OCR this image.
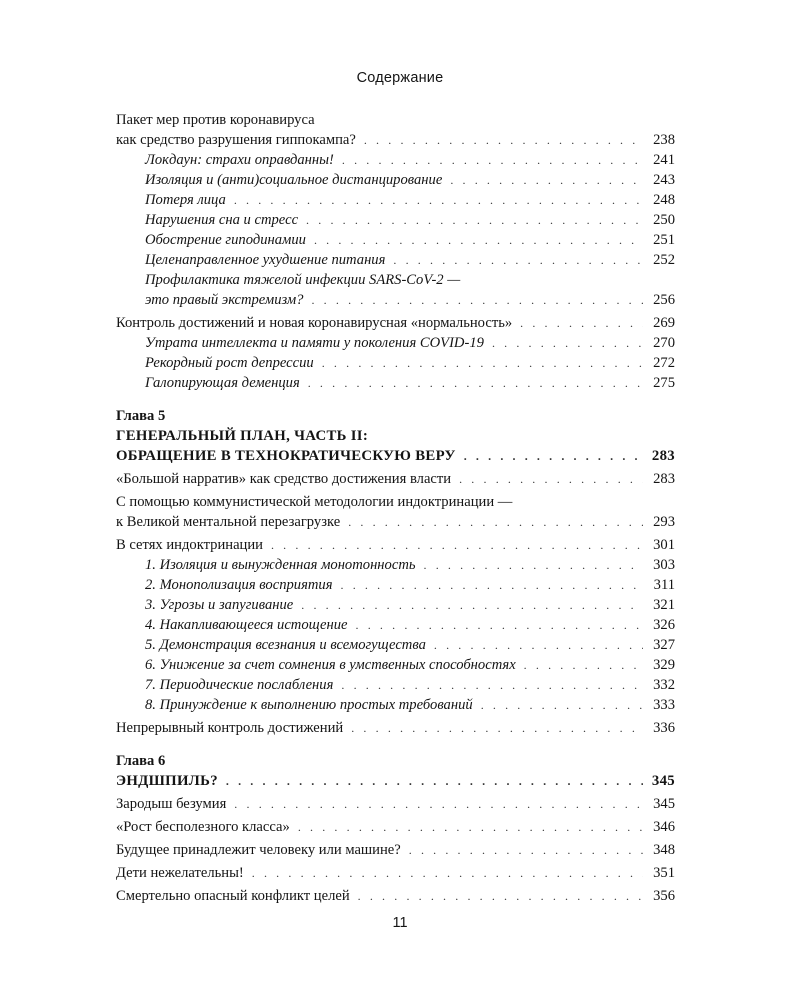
Содержание
Пакет мер против коронавируса
как средство разрушения гиппокампа? . . .	238
Локдаун: страхи оправданны! . . .	241
Изоляция и (анти)социальное дистанцирование . . .	243
Потеря лица . . .	248
Нарушения сна и стресс . . .	250
Обострение гиподинамии . . .	251
Целенаправленное ухудшение питания . . .	252
Профилактика тяжелой инфекции SARS-CoV-2 —
это правый экстремизм? . . .	256
Контроль достижений и новая коронавирусная «нормальность» . . .	269
Утрата интеллекта и памяти у поколения COVID-19 . . .	270
Рекордный рост депрессии . . .	272
Галопирующая деменция . . .	275
Глава 5
ГЕНЕРАЛЬНЫЙ ПЛАН, ЧАСТЬ II:
ОБРАЩЕНИЕ В ТЕХНОКРАТИЧЕСКУЮ ВЕРУ . . .	283
«Большой нарратив» как средство достижения власти . . .	283
С помощью коммунистической методологии индоктринации —
к Великой ментальной перезагрузке . . .	293
В сетях индоктринации . . .	301
1. Изоляция и вынужденная монотонность . . .	303
2. Монополизация восприятия . . .	311
3. Угрозы и запугивание . . .	321
4. Накапливающееся истощение . . .	326
5. Демонстрация всезнания и всемогущества . . .	327
6. Унижение за счет сомнения в умственных способностях . . .	329
7. Периодические послабления . . .	332
8. Принуждение к выполнению простых требований . . .	333
Непрерывный контроль достижений . . .	336
Глава 6
ЭНДШПИЛЬ? . . .	345
Зародыш безумия . . .	345
«Рост бесполезного класса» . . .	346
Будущее принадлежит человеку или машине? . . .	348
Дети нежелательны! . . .	351
Смертельно опасный конфликт целей . . .	356
11
